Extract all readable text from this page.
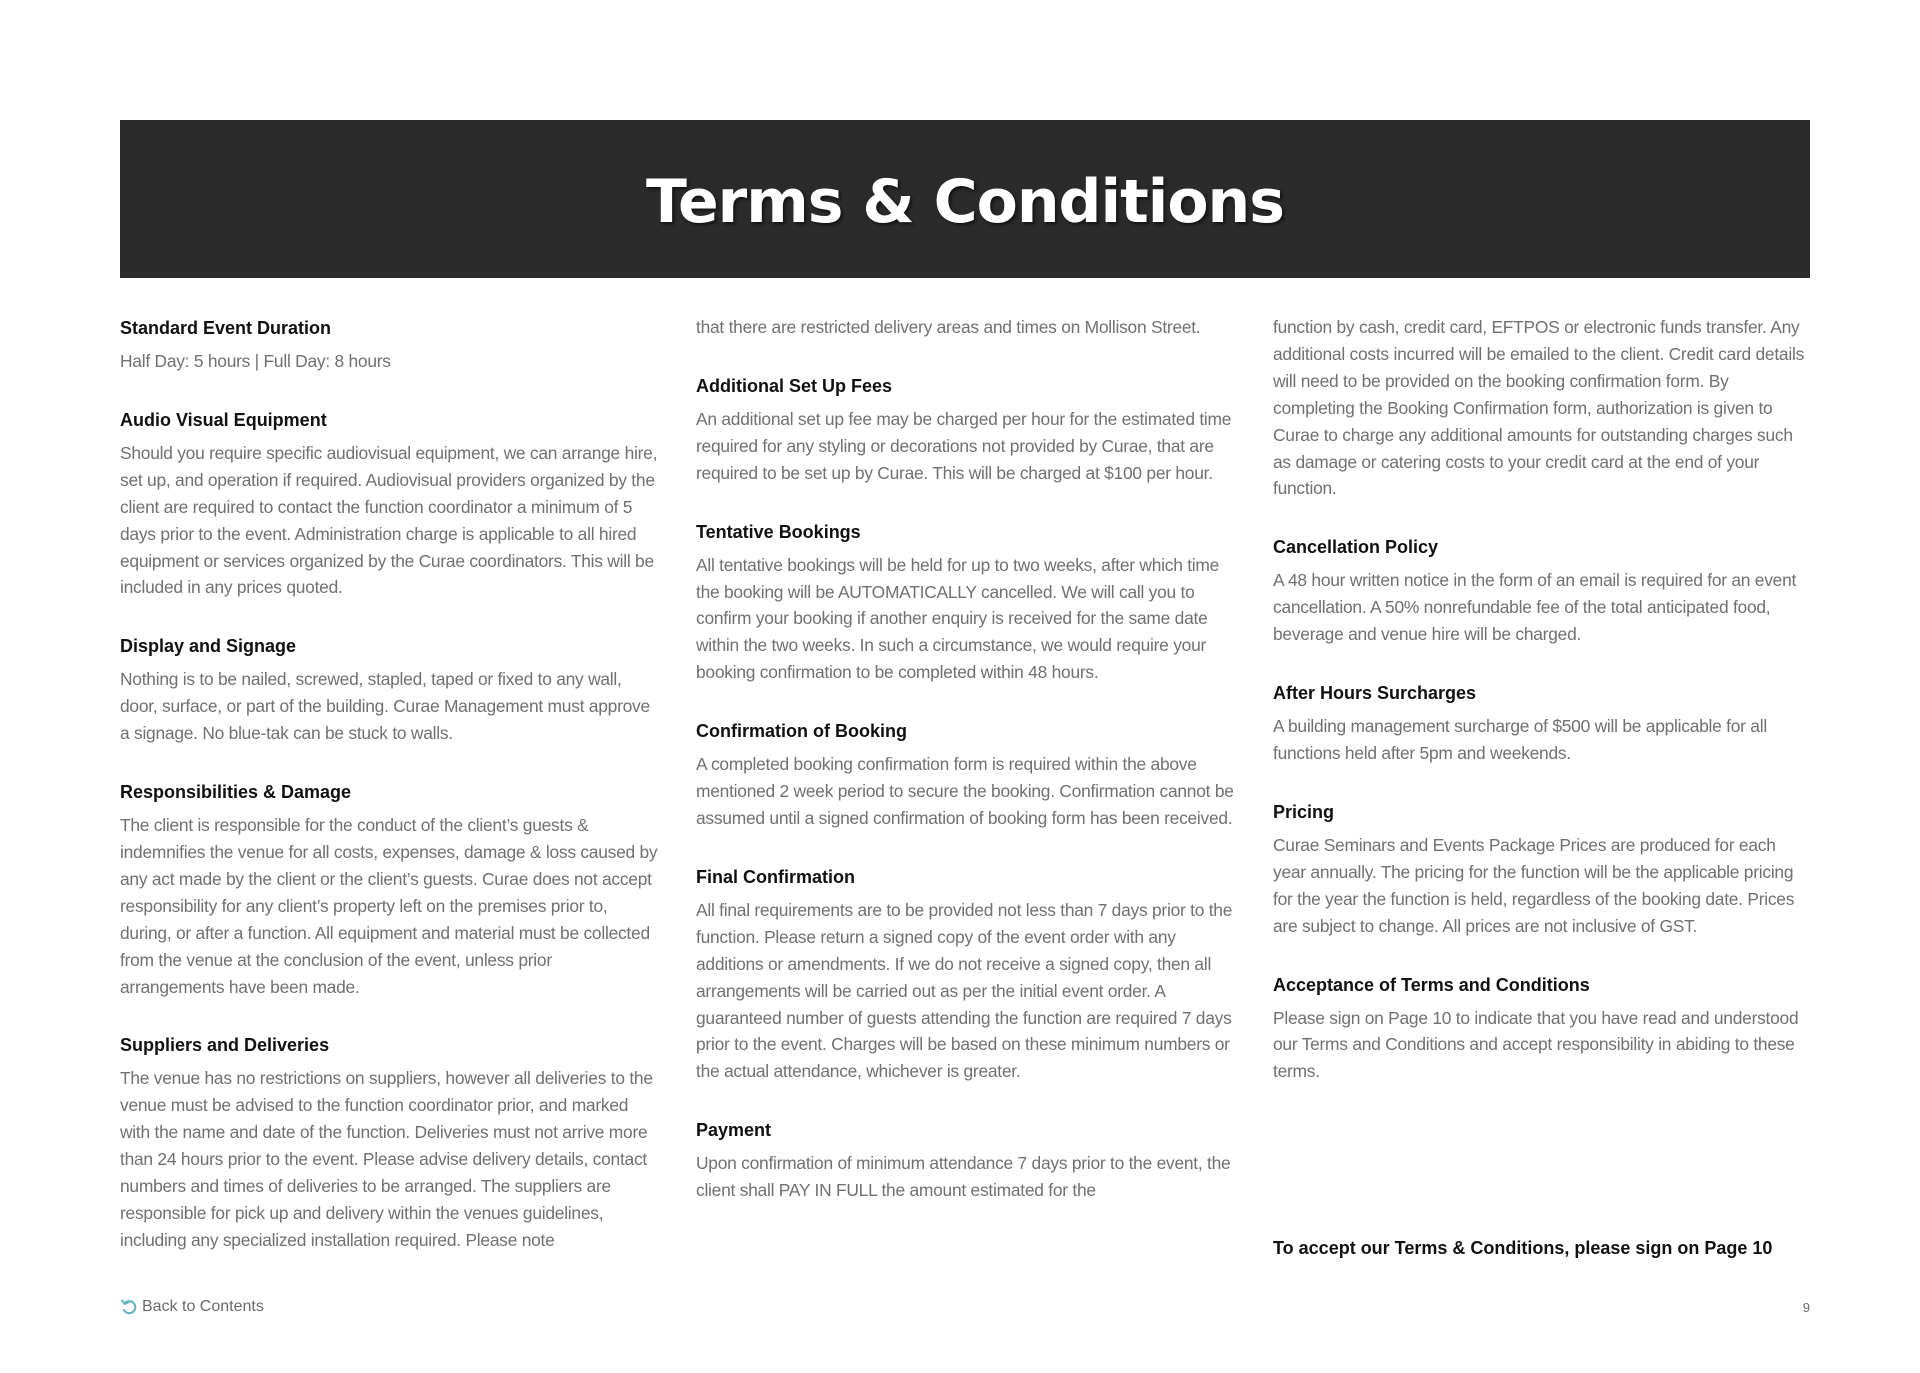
Terms & Conditions
Standard Event Duration

Half Day: 5 hours | Full Day: 8 hours

Audio Visual Equipment

Should you require specific audiovisual equipment, we can arrange hire, set up, and operation if required. Audiovisual providers organized by the client are required to contact the function coordinator a minimum of 5 days prior to the event. Administration charge is applicable to all hired equipment or services organized by the Curae coordinators. This will be included in any prices quoted.

Display and Signage

Nothing is to be nailed, screwed, stapled, taped or fixed to any wall, door, surface, or part of the building. Curae Management must approve a signage. No blue-tak can be stuck to walls.

Responsibilities & Damage

The client is responsible for the conduct of the client’s guests & indemnifies the venue for all costs, expenses, damage & loss caused by any act made by the client or the client’s guests. Curae does not accept responsibility for any client’s property left on the premises prior to, during, or after a function. All equipment and material must be collected from the venue at the conclusion of the event, unless prior arrangements have been made.

Suppliers and Deliveries

The venue has no restrictions on suppliers, however all deliveries to the venue must be advised to the function coordinator prior, and marked with the name and date of the function. Deliveries must not arrive more than 24 hours prior to the event. Please advise delivery details, contact numbers and times of deliveries to be arranged. The suppliers are responsible for pick up and delivery within the venues guidelines, including any specialized installation required. Please note

that there are restricted delivery areas and times on Mollison Street.

Additional Set Up Fees

An additional set up fee may be charged per hour for the estimated time required for any styling or decorations not provided by Curae, that are required to be set up by Curae. This will be charged at $100 per hour.

Tentative Bookings

All tentative bookings will be held for up to two weeks, after which time the booking will be AUTOMATICALLY cancelled. We will call you to confirm your booking if another enquiry is received for the same date within the two weeks. In such a circumstance, we would require your booking confirmation to be completed within 48 hours.

Confirmation of Booking

A completed booking confirmation form is required within the above mentioned 2 week period to secure the booking. Confirmation cannot be assumed until a signed confirmation of booking form has been received.

Final Confirmation

All final requirements are to be provided not less than 7 days prior to the function. Please return a signed copy of the event order with any additions or amendments. If we do not receive a signed copy, then all arrangements will be carried out as per the initial event order. A guaranteed number of guests attending the function are required 7 days prior to the event. Charges will be based on these minimum numbers or the actual attendance, whichever is greater.

Payment

Upon confirmation of minimum attendance 7 days prior to the event, the client shall PAY IN FULL the amount estimated for the

function by cash, credit card, EFTPOS or electronic funds transfer. Any additional costs incurred will be emailed to the client. Credit card details will need to be provided on the booking confirmation form. By completing the Booking Confirmation form, authorization is given to Curae to charge any additional amounts for outstanding charges such as damage or catering costs to your credit card at the end of your function.

Cancellation Policy

A 48 hour written notice in the form of an email is required for an event cancellation. A 50% nonrefundable fee of the total anticipated food, beverage and venue hire will be charged.

After Hours Surcharges

A building management surcharge of $500 will be applicable for all functions held after 5pm and weekends.

Pricing

Curae Seminars and Events Package Prices are produced for each year annually. The pricing for the function will be the applicable pricing for the year the function is held, regardless of the booking date. Prices are subject to change. All prices are not inclusive of GST.

Acceptance of Terms and Conditions

Please sign on Page 10 to indicate that you have read and understood our Terms and Conditions and accept responsibility in abiding to these terms.

To accept our Terms & Conditions, please sign on Page 10
Back to Contents	9
